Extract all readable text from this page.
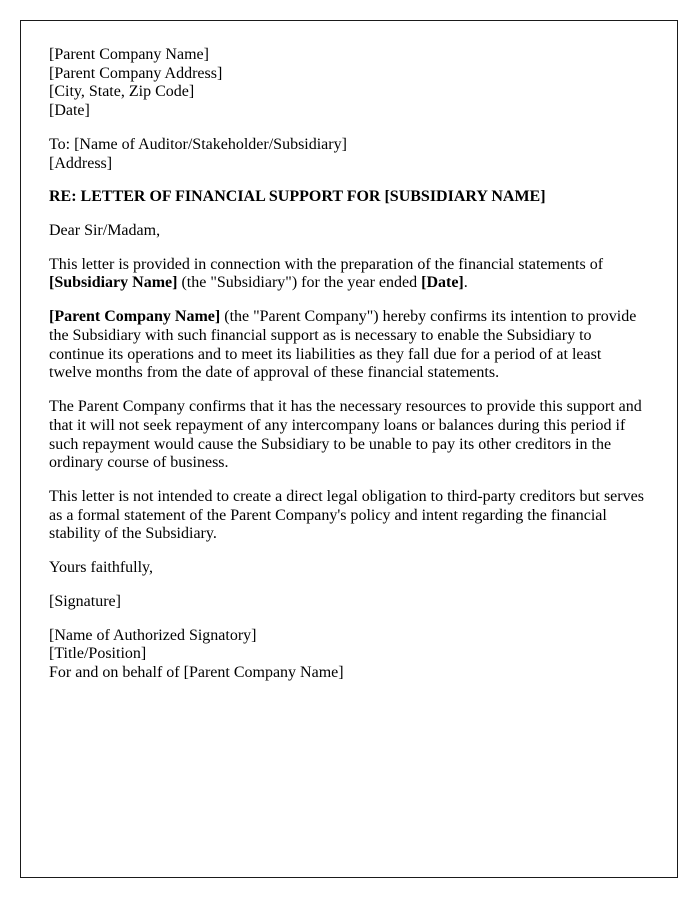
[Parent Company Name]
[Parent Company Address]
[City, State, Zip Code]
[Date]
To: [Name of Auditor/Stakeholder/Subsidiary]
[Address]
RE: LETTER OF FINANCIAL SUPPORT FOR [SUBSIDIARY NAME]
Dear Sir/Madam,

This letter is provided in connection with the preparation of the financial statements of [Subsidiary Name] (the "Subsidiary") for the year ended [Date].

[Parent Company Name] (the "Parent Company") hereby confirms its intention to provide the Subsidiary with such financial support as is necessary to enable the Subsidiary to continue its operations and to meet its liabilities as they fall due for a period of at least twelve months from the date of approval of these financial statements.

The Parent Company confirms that it has the necessary resources to provide this support and that it will not seek repayment of any intercompany loans or balances during this period if such repayment would cause the Subsidiary to be unable to pay its other creditors in the ordinary course of business.

This letter is not intended to create a direct legal obligation to third-party creditors but serves as a formal statement of the Parent Company's policy and intent regarding the financial stability of the Subsidiary.

Yours faithfully,
[Signature]
[Name of Authorized Signatory]
[Title/Position]
For and on behalf of [Parent Company Name]
